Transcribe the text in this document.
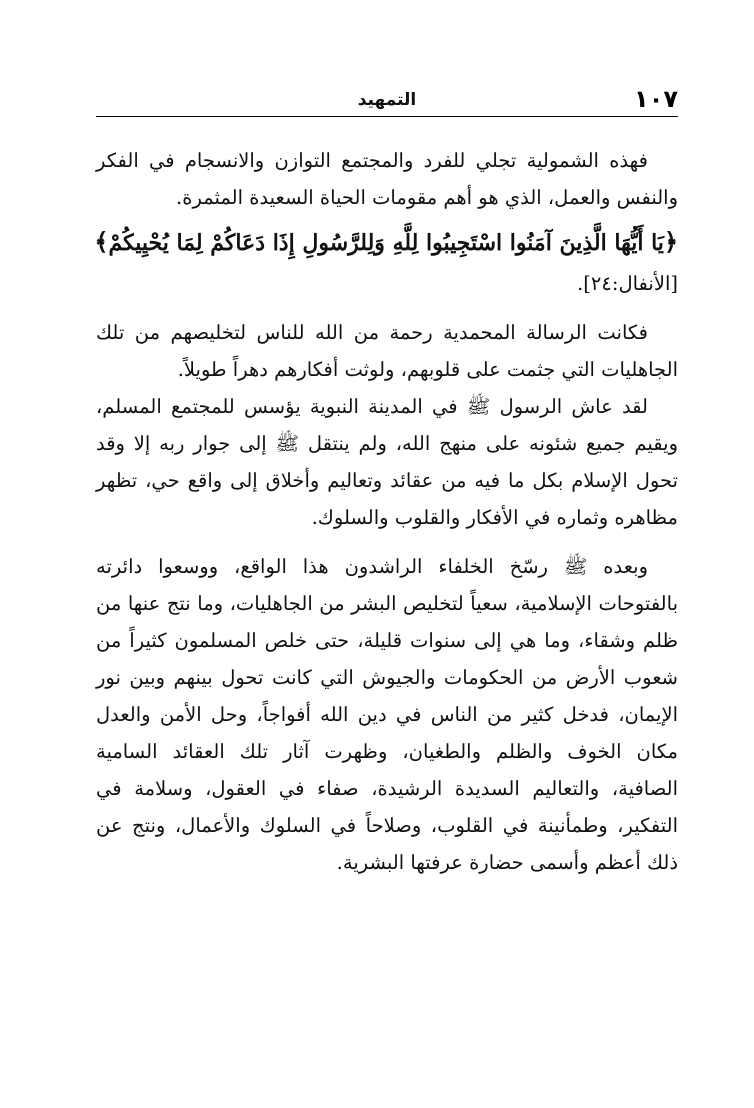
١٠٧
التمهيد

فهذه الشمولية تجلي للفرد والمجتمع التوازن والانسجام في الفكر والنفس والعمل، الذي هو أهم مقومات الحياة السعيدة المثمرة.

﴿يَا أَيُّهَا الَّذِينَ آمَنُوا اسْتَجِيبُوا لِلَّهِ وَلِلرَّسُولِ إِذَا دَعَاكُمْ لِمَا يُحْيِيكُمْ﴾

[الأنفال:٢٤].

فكانت الرسالة المحمدية رحمة من الله للناس لتخليصهم من تلك الجاهليات التي جثمت على قلوبهم، ولوثت أفكارهم دهراً طويلاً.

لقد عاش الرسول ﷺ في المدينة النبوية يؤسس للمجتمع المسلم، ويقيم جميع شئونه على منهج الله، ولم ينتقل ﷺ إلى جوار ربه إلا وقد تحول الإسلام بكل ما فيه من عقائد وتعاليم وأخلاق إلى واقع حي، تظهر مظاهره وثماره في الأفكار والقلوب والسلوك.

وبعده ﷺ رسّخ الخلفاء الراشدون هذا الواقع، ووسعوا دائرته بالفتوحات الإسلامية، سعياً لتخليص البشر من الجاهليات، وما نتج عنها من ظلم وشقاء، وما هي إلى سنوات قليلة، حتى خلص المسلمون كثيراً من شعوب الأرض من الحكومات والجيوش التي كانت تحول بينهم وبين نور الإيمان، فدخل كثير من الناس في دين الله أفواجاً، وحل الأمن والعدل مكان الخوف والظلم والطغيان، وظهرت آثار تلك العقائد السامية الصافية، والتعاليم السديدة الرشيدة، صفاء في العقول، وسلامة في التفكير، وطمأنينة في القلوب، وصلاحاً في السلوك والأعمال، ونتج عن ذلك أعظم وأسمى حضارة عرفتها البشرية.
